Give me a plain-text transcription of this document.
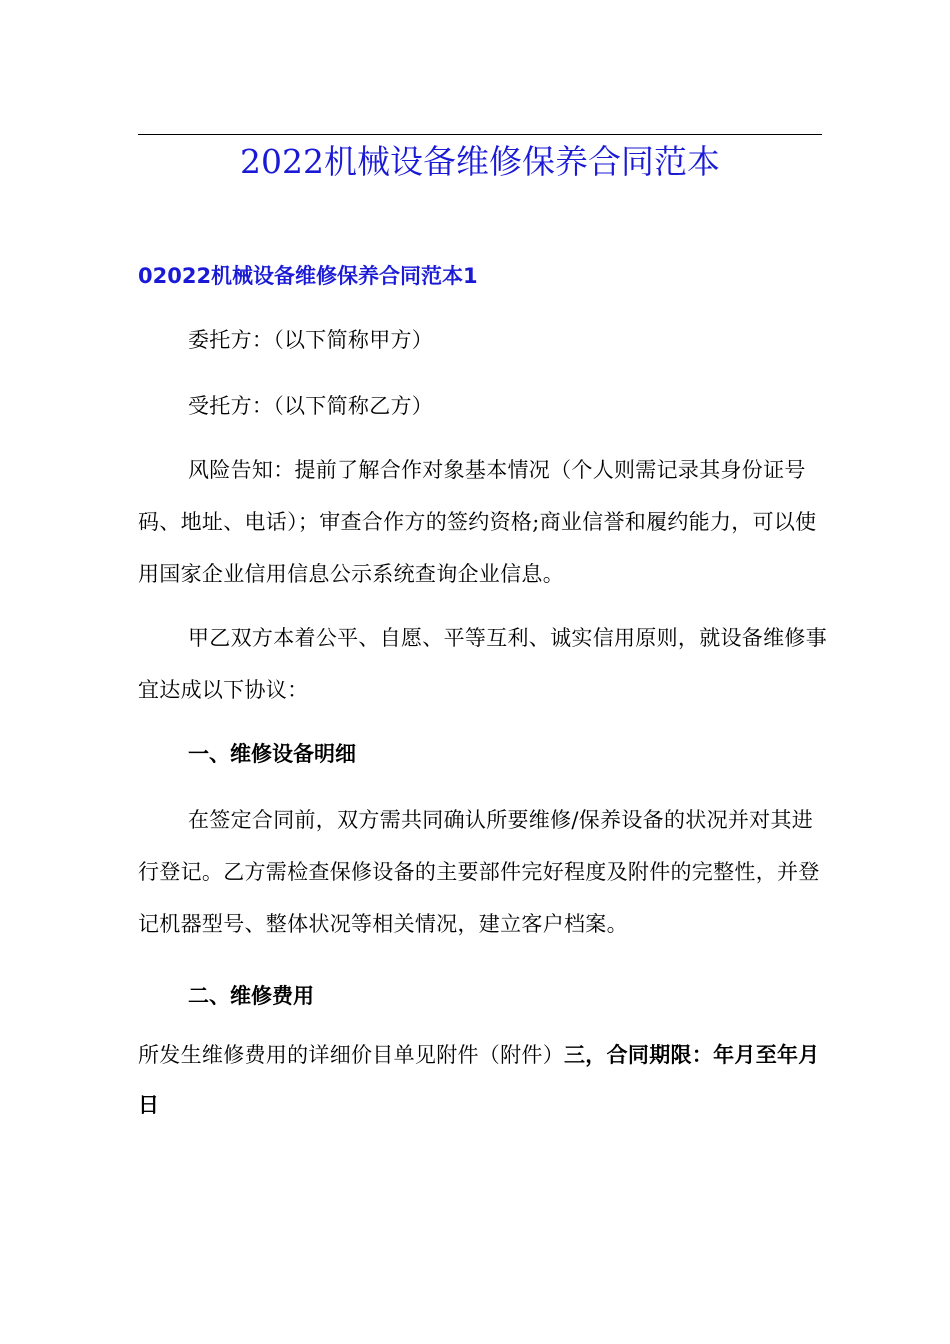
2022机械设备维修保养合同范本
02022机械设备维修保养合同范本1

委托方：（以下简称甲方）

受托方：（以下简称乙方）

风险告知：提前了解合作对象基本情况（个人则需记录其身份证号码、地址、电话）；审查合作方的签约资格;商业信誉和履约能力，可以使用国家企业信用信息公示系统查询企业信息。

甲乙双方本着公平、自愿、平等互利、诚实信用原则，就设备维修事宜达成以下协议：

一、维修设备明细

在签定合同前，双方需共同确认所要维修/保养设备的状况并对其进行登记。乙方需检查保修设备的主要部件完好程度及附件的完整性，并登记机器型号、整体状况等相关情况，建立客户档案。

二、维修费用

所发生维修费用的详细价目单见附件（附件）三，合同期限：年月至年月日
